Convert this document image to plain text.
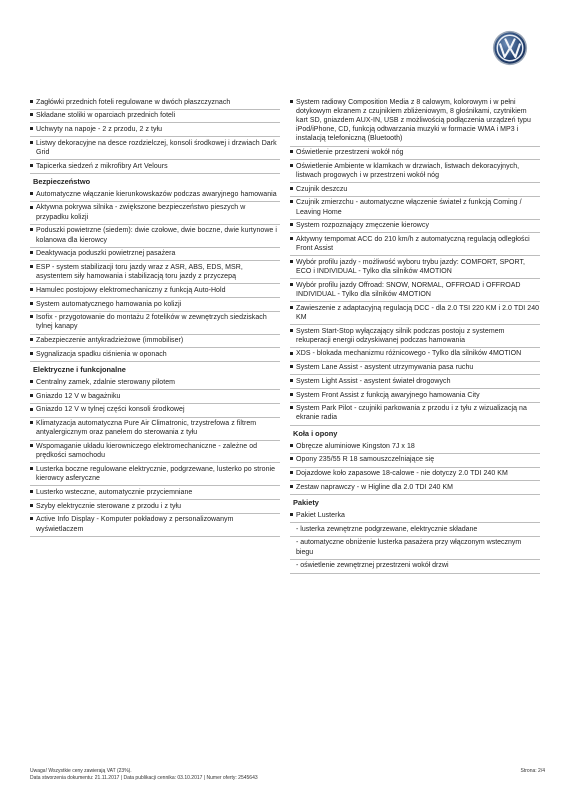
Zagłówki przednich foteli regulowane w dwóch płaszczyznach
Składane stoliki w oparciach przednich foteli
Uchwyty na napoje - 2 z przodu, 2 z tyłu
Listwy dekoracyjne na desce rozdzielczej, konsoli środkowej i drzwiach Dark Grid
Tapicerka siedzeń z mikrofibry Art Velours
Bezpieczeństwo
Automatyczne włączanie kierunkowskazów podczas awaryjnego hamowania
Aktywna pokrywa silnika - zwiększone bezpieczeństwo pieszych w przypadku kolizji
Poduszki powietrzne (siedem): dwie czołowe, dwie boczne, dwie kurtynowe i kolanowa dla kierowcy
Deaktywacja poduszki powietrznej pasażera
ESP - system stabilizacji toru jazdy wraz z ASR, ABS, EDS, MSR, asystentem siły hamowania i stabilizacją toru jazdy z przyczepą
Hamulec postojowy elektromechaniczny z funkcją Auto-Hold
System automatycznego hamowania po kolizji
Isofix - przygotowanie do montażu 2 fotelików w zewnętrzych siedziskach tylnej kanapy
Zabezpieczenie antykradzieżowe (immobiliser)
Sygnalizacja spadku ciśnienia w oponach
Elektryczne i funkcjonalne
Centralny zamek, zdalnie sterowany pilotem
Gniazdo 12 V w bagażniku
Gniazdo 12 V w tylnej części konsoli środkowej
Klimatyzacja automatyczna Pure Air Climatronic, trzystrefowa z filtrem antyalergicznym oraz panelem do sterowania z tyłu
Wspomaganie układu kierowniczego elektromechaniczne - zależne od prędkości samochodu
Lusterka boczne regulowane elektrycznie, podgrzewane, lusterko po stronie kierowcy asferyczne
Lusterko wsteczne, automatycznie przyciemniane
Szyby elektrycznie sterowane z przodu i z tyłu
Active Info Display - Komputer pokładowy z personalizowanym wyświetlaczem
System radiowy Composition Media z 8 calowym, kolorowym i w pełni dotykowym ekranem z czujnikiem zbliżeniowym, 8 głośnikami, czytnikiem kart SD, gniazdem AUX-IN, USB z możliwością podłączenia urządzeń typu iPod/iPhone, CD, funkcją odtwarzania muzyki w formacie WMA i MP3 i instalacją telefoniczną (Bluetooth)
Oświetlenie przestrzeni wokół nóg
Oświetlenie Ambiente w klamkach w drzwiach, listwach dekoracyjnych, listwach progowych i w przestrzeni wokół nóg
Czujnik deszczu
Czujnik zmierzchu - automatyczne włączenie świateł z funkcją Coming / Leaving Home
System rozpoznający zmęczenie kierowcy
Aktywny tempomat ACC do 210 km/h z automatyczną regulacją odległości Front Assist
Wybór profilu jazdy - możliwość wyboru trybu jazdy: COMFORT, SPORT, ECO i INDIVIDUAL - Tylko dla silników 4MOTION
Wybór profilu jazdy Offroad: SNOW, NORMAL, OFFROAD i OFFROAD INDIVIDUAL - Tylko dla silników 4MOTION
Zawieszenie z adaptacyjną regulacją DCC - dla 2.0 TSI 220 KM i 2.0 TDI 240 KM
System Start-Stop wyłączający silnik podczas postoju z systemem rekuperacji energii odzyskiwanej podczas hamowania
XDS - blokada mechanizmu różnicowego - Tylko dla silników 4MOTION
System Lane Assist - asystent utrzymywania pasa ruchu
System Light Assist - asystent świateł drogowych
System Front Assist z funkcją awaryjnego hamowania City
System Park Pilot - czujniki parkowania z przodu i z tyłu z wizualizacją na ekranie radia
Koła i opony
Obręcze aluminiowe Kingston 7J x 18
Opony 235/55 R 18 samouszczelniające się
Dojazdowe koło zapasowe 18-calowe - nie dotyczy 2.0 TDI 240 KM
Zestaw naprawczy - w Higline dla 2.0 TDI 240 KM
Pakiety
Pakiet Lusterka
- lusterka zewnętrzne podgrzewane, elektrycznie składane
- automatyczne obniżenie lusterka pasażera przy włączonym wstecznym biegu
- oświetlenie zewnętrznej przestrzeni wokół drzwi
Uwaga! Wszystkie ceny zawierają VAT (23%).
Data stworzenia dokumentu: 21.11.2017 | Data publikacji cennika: 03.10.2017 | Numer oferty: 2545643
Strona: 2/4
